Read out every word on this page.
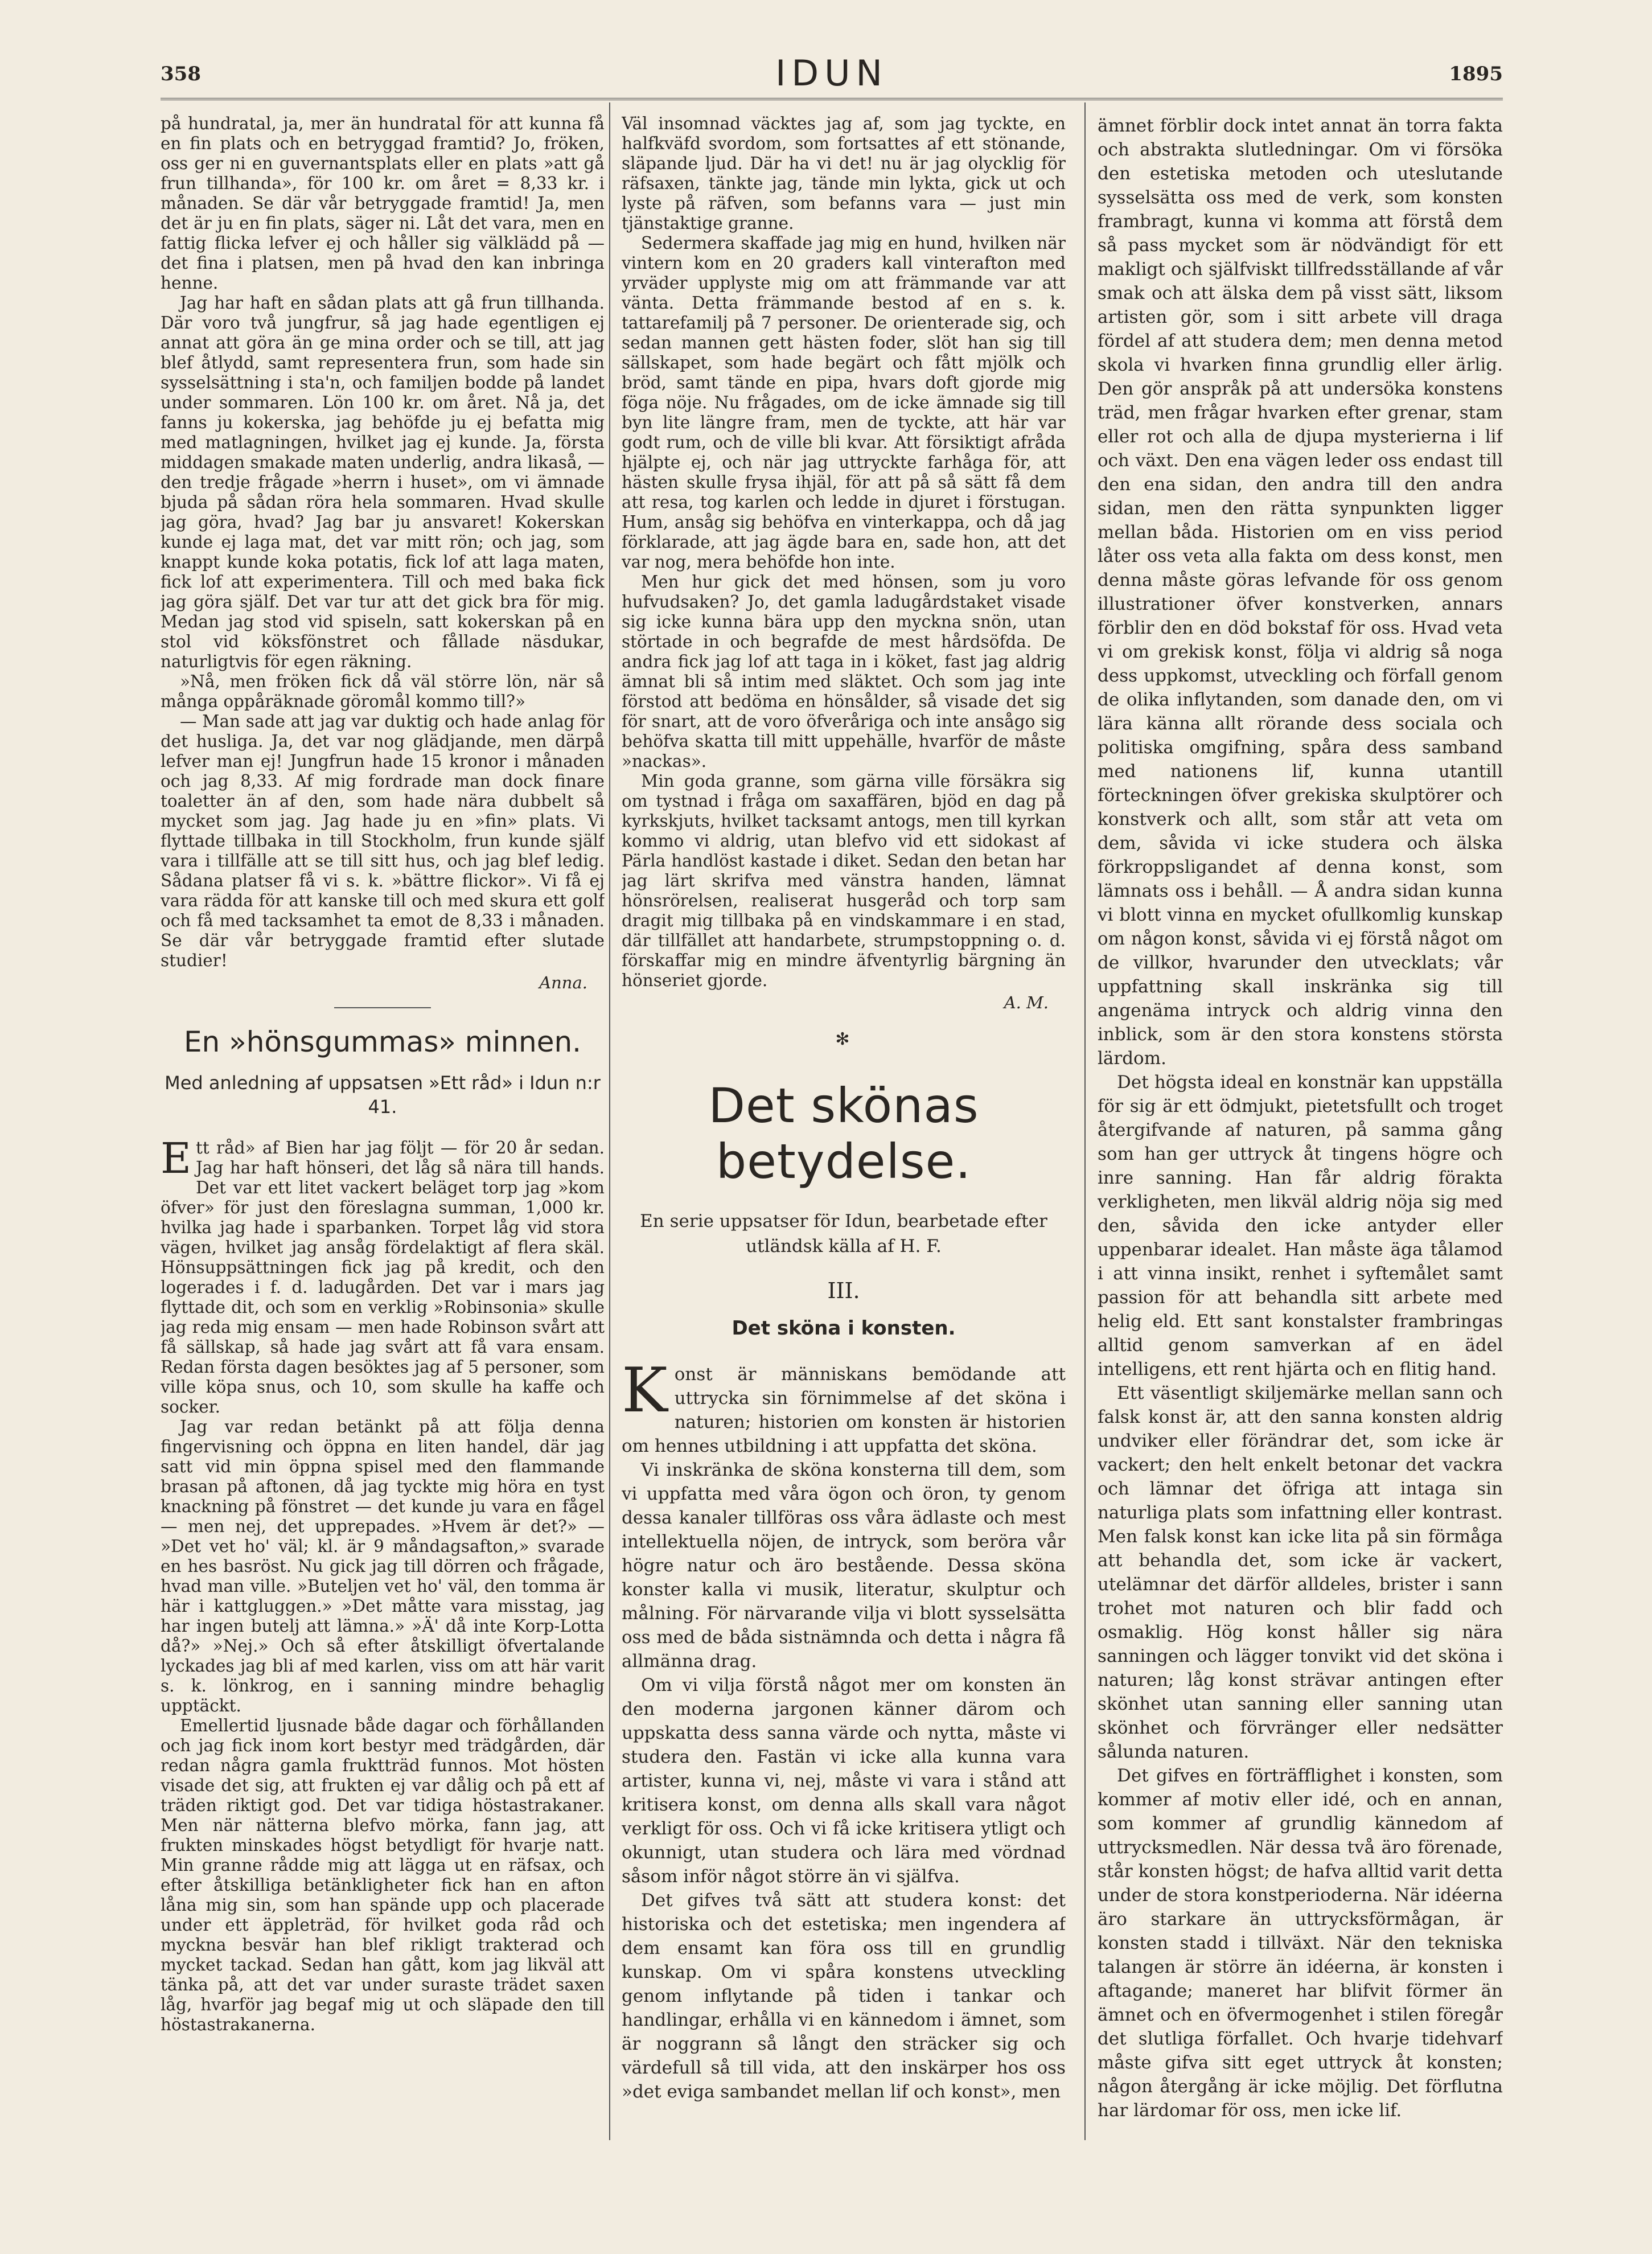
358	IDUN	1895

på hundratal, ja, mer än hundratal för att kunna få en fin plats och en betryggad framtid? Jo, fröken, oss ger ni en guvernantsplats eller en plats »att gå frun tillhanda», för 100 kr. om året = 8,33 kr. i månaden. Se där vår betryggade framtid! Ja, men det är ju en fin plats, säger ni. Låt det vara, men en fattig flicka lefver ej och håller sig välklädd på — det fina i platsen, men på hvad den kan inbringa henne.

Jag har haft en sådan plats att gå frun tillhanda. Där voro två jungfrur, så jag hade egentligen ej annat att göra än ge mina order och se till, att jag blef åtlydd, samt representera frun, som hade sin sysselsättning i sta'n, och familjen bodde på landet under sommaren. Lön 100 kr. om året. Nå ja, det fanns ju kokerska, jag behöfde ju ej befatta mig med matlagningen, hvilket jag ej kunde. Ja, första middagen smakade maten underlig, andra likaså, — den tredje frågade »herrn i huset», om vi ämnade bjuda på sådan röra hela sommaren. Hvad skulle jag göra, hvad? Jag bar ju ansvaret! Kokerskan kunde ej laga mat, det var mitt rön; och jag, som knappt kunde koka potatis, fick lof att laga maten, fick lof att experimentera. Till och med baka fick jag göra själf. Det var tur att det gick bra för mig. Medan jag stod vid spiseln, satt kokerskan på en stol vid köksfönstret och fållade näsdukar, naturligtvis för egen räkning.

»Nå, men fröken fick då väl större lön, när så många oppåräknade göromål kommo till?»

— Man sade att jag var duktig och hade anlag för det husliga. Ja, det var nog glädjande, men därpå lefver man ej! Jungfrun hade 15 kronor i månaden och jag 8,33. Af mig fordrade man dock finare toaletter än af den, som hade nära dubbelt så mycket som jag. Jag hade ju en »fin» plats. Vi flyttade tillbaka in till Stockholm, frun kunde själf vara i tillfälle att se till sitt hus, och jag blef ledig. Sådana platser få vi s. k. »bättre flickor». Vi få ej vara rädda för att kanske till och med skura ett golf och få med tacksamhet ta emot de 8,33 i månaden. Se där vår betryggade framtid efter slutade studier!

Anna.
En »hönsgummas» minnen.
Med anledning af uppsatsen »Ett råd» i Idun n:r 41.

Ett råd» af Bien har jag följt — för 20 år sedan. Jag har haft hönseri, det låg så nära till hands. Det var ett litet vackert beläget torp jag »kom öfver» för just den föreslagna summan, 1,000 kr. hvilka jag hade i sparbanken. Torpet låg vid stora vägen, hvilket jag ansåg fördelaktigt af flera skäl. Hönsuppsättningen fick jag på kredit, och den logerades i f. d. ladugården. Det var i mars jag flyttade dit, och som en verklig »Robinsonia» skulle jag reda mig ensam — men hade Robinson svårt att få sällskap, så hade jag svårt att få vara ensam. Redan första dagen besöktes jag af 5 personer, som ville köpa snus, och 10, som skulle ha kaffe och socker.

Jag var redan betänkt på att följa denna fingervisning och öppna en liten handel, där jag satt vid min öppna spisel med den flammande brasan på aftonen, då jag tyckte mig höra en tyst knackning på fönstret — det kunde ju vara en fågel — men nej, det upprepades. »Hvem är det?» — »Det vet ho' väl; kl. är 9 måndagsafton,» svarade en hes basröst. Nu gick jag till dörren och frågade, hvad man ville. »Buteljen vet ho' väl, den tomma är här i kattgluggen.» »Det måtte vara misstag, jag har ingen butelj att lämna.» »Ä' då inte Korp-Lotta då?» »Nej.» Och så efter åtskilligt öfvertalande lyckades jag bli af med karlen, viss om att här varit s. k. lönkrog, en i sanning mindre behaglig upptäckt.

Emellertid ljusnade både dagar och förhållanden och jag fick inom kort bestyr med trädgården, där redan några gamla fruktträd funnos. Mot hösten visade det sig, att frukten ej var dålig och på ett af träden riktigt god. Det var tidiga höstastrakaner. Men när nätterna blefvo mörka, fann jag, att frukten minskades högst betydligt för hvarje natt. Min granne rådde mig att lägga ut en räfsax, och efter åtskilliga betänkligheter fick han en afton låna mig sin, som han spände upp och placerade under ett äppleträd, för hvilket goda råd och myckna besvär han blef rikligt trakterad och mycket tackad. Sedan han gått, kom jag likväl att tänka på, att det var under suraste trädet saxen låg, hvarför jag begaf mig ut och släpade den till höstastrakanerna.

Väl insomnad väcktes jag af, som jag tyckte, en halfkväfd svordom, som fortsattes af ett stönande, släpande ljud. Där ha vi det! nu är jag olycklig för räfsaxen, tänkte jag, tände min lykta, gick ut och lyste på räfven, som befanns vara — just min tjänstaktige granne.

Sedermera skaffade jag mig en hund, hvilken när vintern kom en 20 graders kall vinterafton med yrväder upplyste mig om att främmande var att vänta. Detta främmande bestod af en s. k. tattarefamilj på 7 personer. De orienterade sig, och sedan mannen gett hästen foder, slöt han sig till sällskapet, som hade begärt och fått mjölk och bröd, samt tände en pipa, hvars doft gjorde mig föga nöje. Nu frågades, om de icke ämnade sig till byn lite längre fram, men de tyckte, att här var godt rum, och de ville bli kvar. Att försiktigt afråda hjälpte ej, och när jag uttryckte farhåga för, att hästen skulle frysa ihjäl, för att på så sätt få dem att resa, tog karlen och ledde in djuret i förstugan. Hum, ansåg sig behöfva en vinterkappa, och då jag förklarade, att jag ägde bara en, sade hon, att det var nog, mera behöfde hon inte.

Men hur gick det med hönsen, som ju voro hufvudsaken? Jo, det gamla ladugårdstaket visade sig icke kunna bära upp den myckna snön, utan störtade in och begrafde de mest hårdsöfda. De andra fick jag lof att taga in i köket, fast jag aldrig ämnat bli så intim med släktet. Och som jag inte förstod att bedöma en hönsålder, så visade det sig för snart, att de voro öfveråriga och inte ansågo sig behöfva skatta till mitt uppehälle, hvarför de måste »nackas».

Min goda granne, som gärna ville försäkra sig om tystnad i fråga om saxaffären, bjöd en dag på kyrkskjuts, hvilket tacksamt antogs, men till kyrkan kommo vi aldrig, utan blefvo vid ett sidokast af Pärla handlöst kastade i diket. Sedan den betan har jag lärt skrifva med vänstra handen, lämnat hönsrörelsen, realiserat husgeråd och torp sam dragit mig tillbaka på en vindskammare i en stad, där tillfället att handarbete, strumpstoppning o. d. förskaffar mig en mindre äfventyrlig bärgning än hönseriet gjorde.

A. M.
✻
Det skönas betydelse.
En serie uppsatser för Idun, bearbetade efter utländsk källa af H. F.
III.
Det sköna i konsten.

Konst är människans bemödande att uttrycka sin förnimmelse af det sköna i naturen; historien om konsten är historien om hennes utbildning i att uppfatta det sköna.

Vi inskränka de sköna konsterna till dem, som vi uppfatta med våra ögon och öron, ty genom dessa kanaler tillföras oss våra ädlaste och mest intellektuella nöjen, de intryck, som beröra vår högre natur och äro bestående. Dessa sköna konster kalla vi musik, literatur, skulptur och målning. För närvarande vilja vi blott sysselsätta oss med de båda sistnämnda och detta i några få allmänna drag.

Om vi vilja förstå något mer om konsten än den moderna jargonen känner därom och uppskatta dess sanna värde och nytta, måste vi studera den. Fastän vi icke alla kunna vara artister, kunna vi, nej, måste vi vara i stånd att kritisera konst, om denna alls skall vara något verkligt för oss. Och vi få icke kritisera ytligt och okunnigt, utan studera och lära med vördnad såsom inför något större än vi själfva.

Det gifves två sätt att studera konst: det historiska och det estetiska; men ingendera af dem ensamt kan föra oss till en grundlig kunskap. Om vi spåra konstens utveckling genom inflytande på tiden i tankar och handlingar, erhålla vi en kännedom i ämnet, som är noggrann så långt den sträcker sig och värdefull så till vida, att den inskärper hos oss »det eviga sambandet mellan lif och konst», men

ämnet förblir dock intet annat än torra fakta och abstrakta slutledningar. Om vi försöka den estetiska metoden och uteslutande sysselsätta oss med de verk, som konsten frambragt, kunna vi komma att förstå dem så pass mycket som är nödvändigt för ett makligt och själfviskt tillfredsställande af vår smak och att älska dem på visst sätt, liksom artisten gör, som i sitt arbete vill draga fördel af att studera dem; men denna metod skola vi hvarken finna grundlig eller ärlig. Den gör anspråk på att undersöka konstens träd, men frågar hvarken efter grenar, stam eller rot och alla de djupa mysterierna i lif och växt. Den ena vägen leder oss endast till den ena sidan, den andra till den andra sidan, men den rätta synpunkten ligger mellan båda. Historien om en viss period låter oss veta alla fakta om dess konst, men denna måste göras lefvande för oss genom illustrationer öfver konstverken, annars förblir den en död bokstaf för oss. Hvad veta vi om grekisk konst, följa vi aldrig så noga dess uppkomst, utveckling och förfall genom de olika inflytanden, som danade den, om vi lära känna allt rörande dess sociala och politiska omgifning, spåra dess samband med nationens lif, kunna utantill förteckningen öfver grekiska skulptörer och konstverk och allt, som står att veta om dem, såvida vi icke studera och älska förkroppsligandet af denna konst, som lämnats oss i behåll. — Å andra sidan kunna vi blott vinna en mycket ofullkomlig kunskap om någon konst, såvida vi ej förstå något om de villkor, hvarunder den utvecklats; vår uppfattning skall inskränka sig till angenäma intryck och aldrig vinna den inblick, som är den stora konstens största lärdom.

Det högsta ideal en konstnär kan uppställa för sig är ett ödmjukt, pietetsfullt och troget återgifvande af naturen, på samma gång som han ger uttryck åt tingens högre och inre sanning. Han får aldrig förakta verkligheten, men likväl aldrig nöja sig med den, såvida den icke antyder eller uppenbarar idealet. Han måste äga tålamod i att vinna insikt, renhet i syftemålet samt passion för att behandla sitt arbete med helig eld. Ett sant konstalster frambringas alltid genom samverkan af en ädel intelligens, ett rent hjärta och en flitig hand.

Ett väsentligt skiljemärke mellan sann och falsk konst är, att den sanna konsten aldrig undviker eller förändrar det, som icke är vackert; den helt enkelt betonar det vackra och lämnar det öfriga att intaga sin naturliga plats som infattning eller kontrast. Men falsk konst kan icke lita på sin förmåga att behandla det, som icke är vackert, utelämnar det därför alldeles, brister i sann trohet mot naturen och blir fadd och osmaklig. Hög konst håller sig nära sanningen och lägger tonvikt vid det sköna i naturen; låg konst strävar antingen efter skönhet utan sanning eller sanning utan skönhet och förvränger eller nedsätter sålunda naturen.

Det gifves en förträfflighet i konsten, som kommer af motiv eller idé, och en annan, som kommer af grundlig kännedom af uttrycksmedlen. När dessa två äro förenade, står konsten högst; de hafva alltid varit detta under de stora konstperioderna. När idéerna äro starkare än uttrycksförmågan, är konsten stadd i tillväxt. När den tekniska talangen är större än idéerna, är konsten i aftagande; maneret har blifvit förmer än ämnet och en öfvermogenhet i stilen föregår det slutliga förfallet. Och hvarje tidehvarf måste gifva sitt eget uttryck åt konsten; någon återgång är icke möjlig. Det förflutna har lärdomar för oss, men icke lif.
